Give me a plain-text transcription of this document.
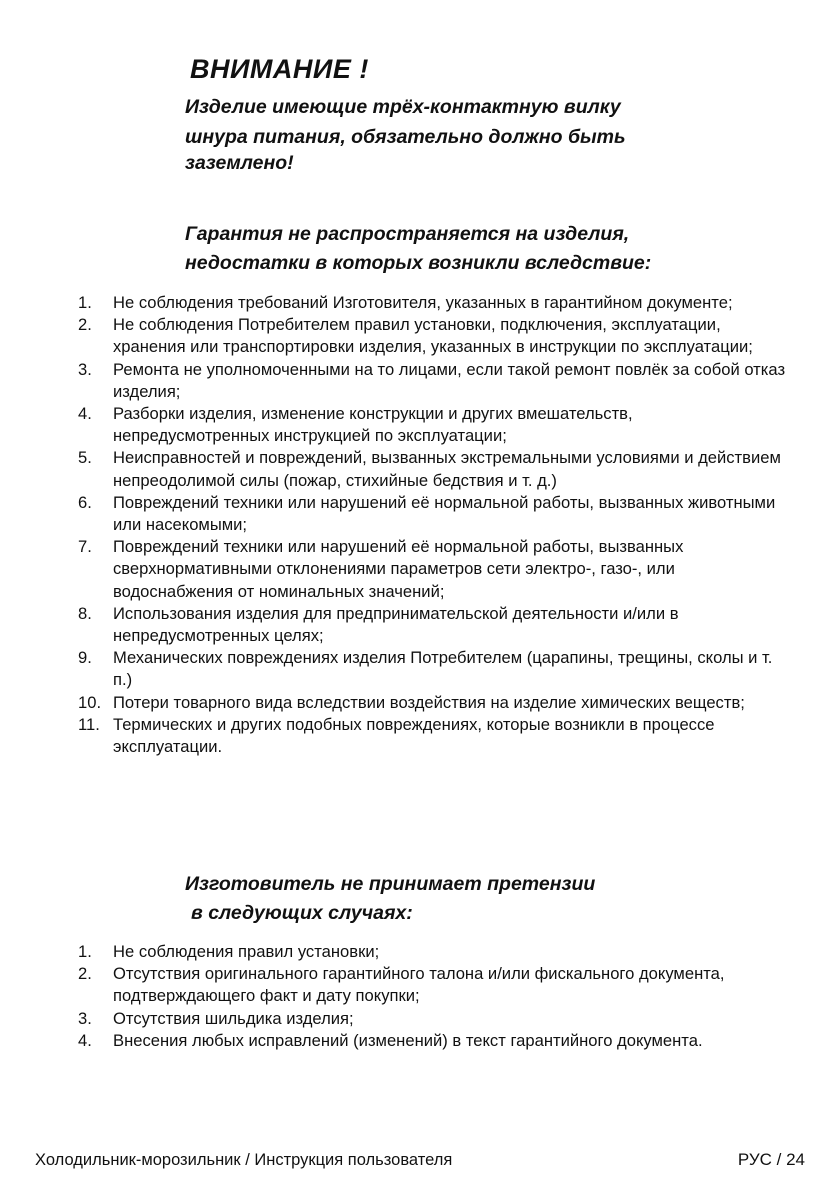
ВНИМАНИЕ !
Изделие имеющие трёх-контактную вилку
шнура питания, обязательно должно быть

заземлено!
Гарантия не распространяется на изделия,
недостатки в которых возникли вследствие:
1. Не соблюдения требований Изготовителя, указанных в гарантийном документе;
2. Не соблюдения Потребителем правил установки, подключения, эксплуатации, хранения или транспортировки изделия, указанных в инструкции по эксплуатации;
3. Ремонта не уполномоченными на то лицами, если такой ремонт повлёк за собой отказ изделия;
4. Разборки изделия, изменение конструкции и других вмешательств, непредусмотренных инструкцией по эксплуатации;
5. Неисправностей и повреждений, вызванных экстремальными условиями и действием непреодолимой силы (пожар, стихийные бедствия и т. д.)
6. Повреждений техники или нарушений её нормальной работы, вызванных животными или насекомыми;
7. Повреждений техники или нарушений её нормальной работы, вызванных сверхнормативными отклонениями параметров сети электро-, газо-, или водоснабжения от номинальных значений;
8. Использования изделия для предпринимательской деятельности и/или в непредусмотренных целях;
9. Механических повреждениях изделия Потребителем (царапины, трещины, сколы и т. п.)
10. Потери товарного вида вследствии воздействия на изделие химических веществ;
11. Термических и других подобных повреждениях, которые возникли в процессе эксплуатации.
Изготовитель не принимает претензии
в следующих случаях:
1. Не соблюдения правил установки;
2. Отсутствия оригинального гарантийного талона и/или фискального документа, подтверждающего факт и дату покупки;
3. Отсутствия шильдика изделия;
4. Внесения любых исправлений (изменений) в текст гарантийного документа.
Холодильник-морозильник / Инструкция пользователя	РУС / 24
